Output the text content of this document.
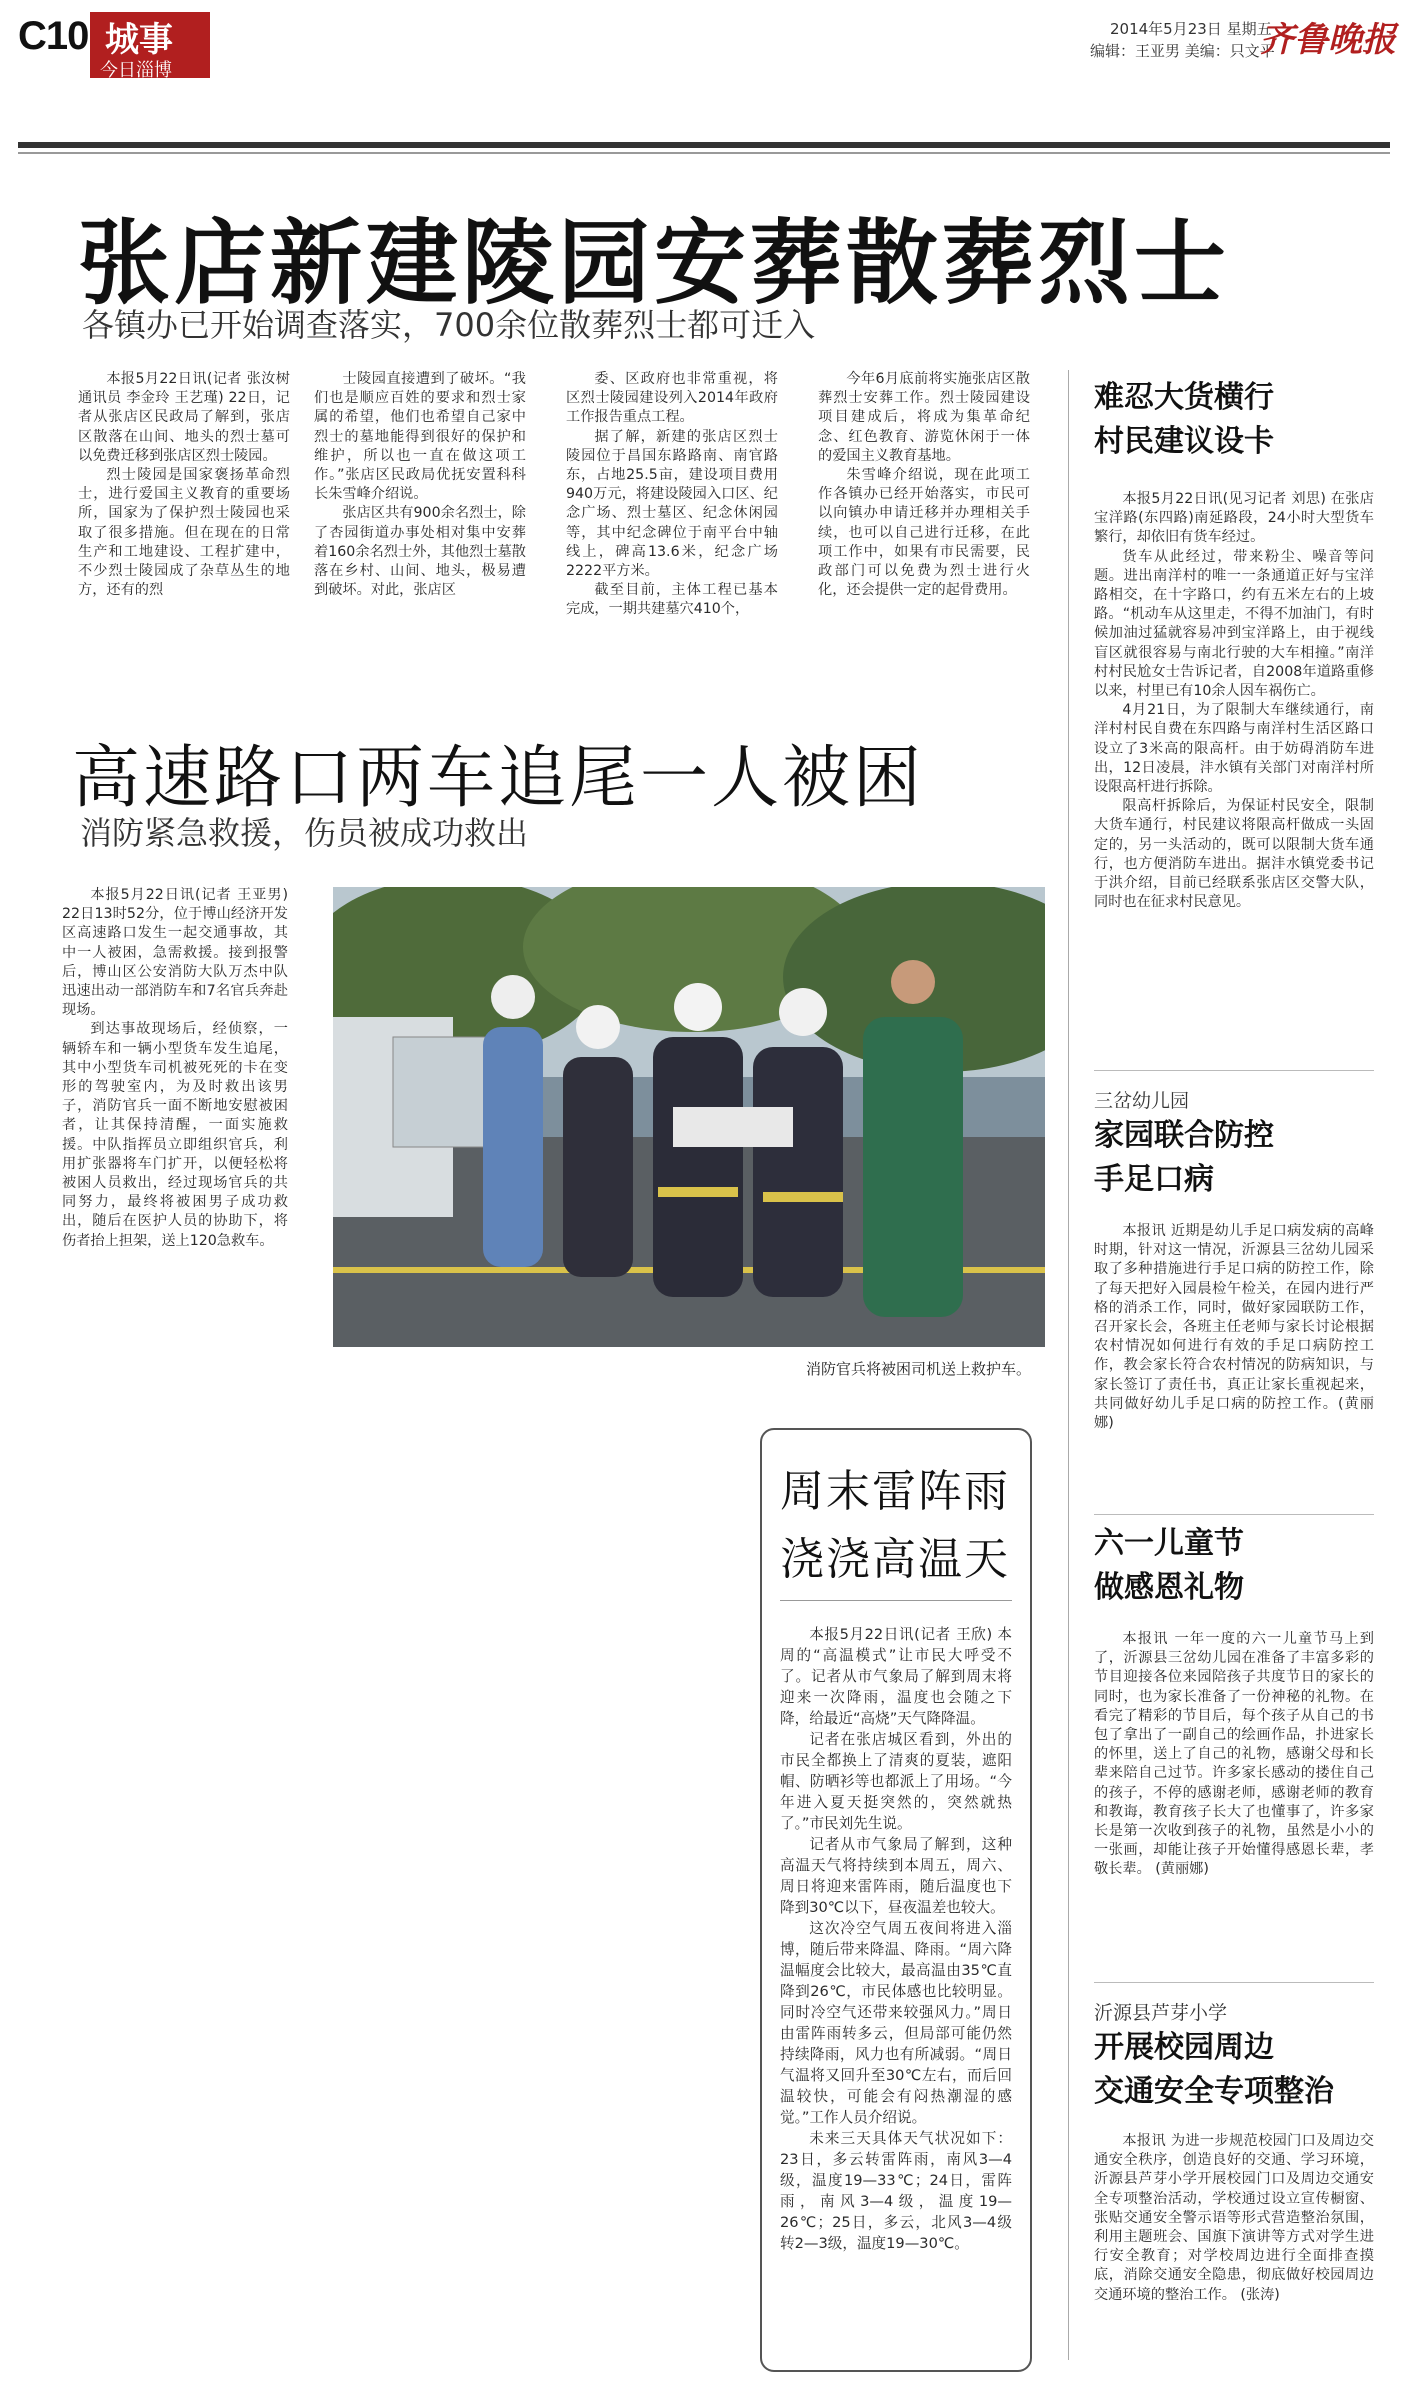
C10 城事
今日淄博
2014年5月23日 星期五
编辑：王亚男 美编：只文平
齐鲁晚报
张店新建陵园安葬散葬烈士
各镇办已开始调查落实，700余位散葬烈士都可迁入

本报5月22日讯(记者 张汝树 通讯员 李金玲 王艺瑾) 22日，记者从张店区民政局了解到，张店区散落在山间、地头的烈士墓可以免费迁移到张店区烈士陵园。

烈士陵园是国家褒扬革命烈士，进行爱国主义教育的重要场所，国家为了保护烈士陵园也采取了很多措施。但在现在的日常生产和工地建设、工程扩建中，不少烈士陵园成了杂草丛生的地方，还有的烈

士陵园直接遭到了破坏。“我们也是顺应百姓的要求和烈士家属的希望，他们也希望自己家中烈士的墓地能得到很好的保护和维护，所以也一直在做这项工作。”张店区民政局优抚安置科科长朱雪峰介绍说。

张店区共有900余名烈士，除了杏园街道办事处相对集中安葬着160余名烈士外，其他烈士墓散落在乡村、山间、地头，极易遭到破坏。对此，张店区

委、区政府也非常重视，将区烈士陵园建设列入2014年政府工作报告重点工程。

据了解，新建的张店区烈士陵园位于昌国东路路南、南官路东，占地25.5亩，建设项目费用940万元，将建设陵园入口区、纪念广场、烈士墓区、纪念休闲园等，其中纪念碑位于南平台中轴线上，碑高13.6米，纪念广场2222平方米。

截至目前，主体工程已基本完成，一期共建墓穴410个，

今年6月底前将实施张店区散葬烈士安葬工作。烈士陵园建设项目建成后，将成为集革命纪念、红色教育、游览休闲于一体的爱国主义教育基地。

朱雪峰介绍说，现在此项工作各镇办已经开始落实，市民可以向镇办申请迁移并办理相关手续，也可以自己进行迁移，在此项工作中，如果有市民需要，民政部门可以免费为烈士进行火化，还会提供一定的起骨费用。

高速路口两车追尾一人被困
消防紧急救援，伤员被成功救出

本报5月22日讯(记者 王亚男) 22日13时52分，位于博山经济开发区高速路口发生一起交通事故，其中一人被困，急需救援。接到报警后，博山区公安消防大队万杰中队迅速出动一部消防车和7名官兵奔赴现场。

到达事故现场后，经侦察，一辆轿车和一辆小型货车发生追尾，其中小型货车司机被死死的卡在变形的驾驶室内，为及时救出该男子，消防官兵一面不断地安慰被困者，让其保持清醒，一面实施救援。中队指挥员立即组织官兵，利用扩张器将车门扩开，以便轻松将被困人员救出，经过现场官兵的共同努力，最终将被困男子成功救出，随后在医护人员的协助下，将伤者抬上担架，送上120急救车。

消防官兵将被困司机送上救护车。
周末雷阵雨
浇浇高温天

本报5月22日讯(记者 王欣) 本周的“高温模式”让市民大呼受不了。记者从市气象局了解到周末将迎来一次降雨，温度也会随之下降，给最近“高烧”天气降降温。

记者在张店城区看到，外出的市民全都换上了清爽的夏装，遮阳帽、防晒衫等也都派上了用场。“今年进入夏天挺突然的，突然就热了。”市民刘先生说。

记者从市气象局了解到，这种高温天气将持续到本周五，周六、周日将迎来雷阵雨，随后温度也下降到30℃以下，昼夜温差也较大。

这次冷空气周五夜间将进入淄博，随后带来降温、降雨。“周六降温幅度会比较大，最高温由35℃直降到26℃，市民体感也比较明显。同时冷空气还带来较强风力。”周日由雷阵雨转多云，但局部可能仍然持续降雨，风力也有所减弱。“周日气温将又回升至30℃左右，而后回温较快，可能会有闷热潮湿的感觉。”工作人员介绍说。

未来三天具体天气状况如下：23日，多云转雷阵雨，南风3—4级，温度19—33℃；24日，雷阵雨，南风3—4级，温度19—26℃；25日，多云，北风3—4级转2—3级，温度19—30℃。

难忍大货横行
村民建议设卡

本报5月22日讯(见习记者 刘思) 在张店宝洋路(东四路)南延路段，24小时大型货车繁行，却依旧有货车经过。

货车从此经过，带来粉尘、噪音等问题。进出南洋村的唯一一条通道正好与宝洋路相交，在十字路口，约有五米左右的上坡路。“机动车从这里走，不得不加油门，有时候加油过猛就容易冲到宝洋路上，由于视线盲区就很容易与南北行驶的大车相撞。”南洋村村民尬女士告诉记者，自2008年道路重修以来，村里已有10余人因车祸伤亡。

4月21日，为了限制大车继续通行，南洋村村民自费在东四路与南洋村生活区路口设立了3米高的限高杆。由于妨碍消防车进出，12日凌晨，沣水镇有关部门对南洋村所设限高杆进行拆除。

限高杆拆除后，为保证村民安全，限制大货车通行，村民建议将限高杆做成一头固定的，另一头活动的，既可以限制大货车通行，也方便消防车进出。据沣水镇党委书记于洪介绍，目前已经联系张店区交警大队，同时也在征求村民意见。

三岔幼儿园
家园联合防控
手足口病

本报讯 近期是幼儿手足口病发病的高峰时期，针对这一情况，沂源县三岔幼儿园采取了多种措施进行手足口病的防控工作，除了每天把好入园晨检午检关，在园内进行严格的消杀工作，同时，做好家园联防工作，召开家长会，各班主任老师与家长讨论根据农村情况如何进行有效的手足口病防控工作，教会家长符合农村情况的防病知识，与家长签订了责任书，真正让家长重视起来，共同做好幼儿手足口病的防控工作。(黄丽娜)

六一儿童节
做感恩礼物

本报讯 一年一度的六一儿童节马上到了，沂源县三岔幼儿园在准备了丰富多彩的节目迎接各位来园陪孩子共度节日的家长的同时，也为家长准备了一份神秘的礼物。在看完了精彩的节目后，每个孩子从自己的书包了拿出了一副自己的绘画作品，扑进家长的怀里，送上了自己的礼物，感谢父母和长辈来陪自己过节。许多家长感动的搂住自己的孩子，不停的感谢老师，感谢老师的教育和教诲，教育孩子长大了也懂事了，许多家长是第一次收到孩子的礼物，虽然是小小的一张画，却能让孩子开始懂得感恩长辈，孝敬长辈。 (黄丽娜)

沂源县芦芽小学
开展校园周边
交通安全专项整治

本报讯 为进一步规范校园门口及周边交通安全秩序，创造良好的交通、学习环境，沂源县芦芽小学开展校园门口及周边交通安全专项整治活动，学校通过设立宣传橱窗、张贴交通安全警示语等形式营造整治氛围，利用主题班会、国旗下演讲等方式对学生进行安全教育；对学校周边进行全面排查摸底，消除交通安全隐患，彻底做好校园周边交通环境的整治工作。 (张涛)
